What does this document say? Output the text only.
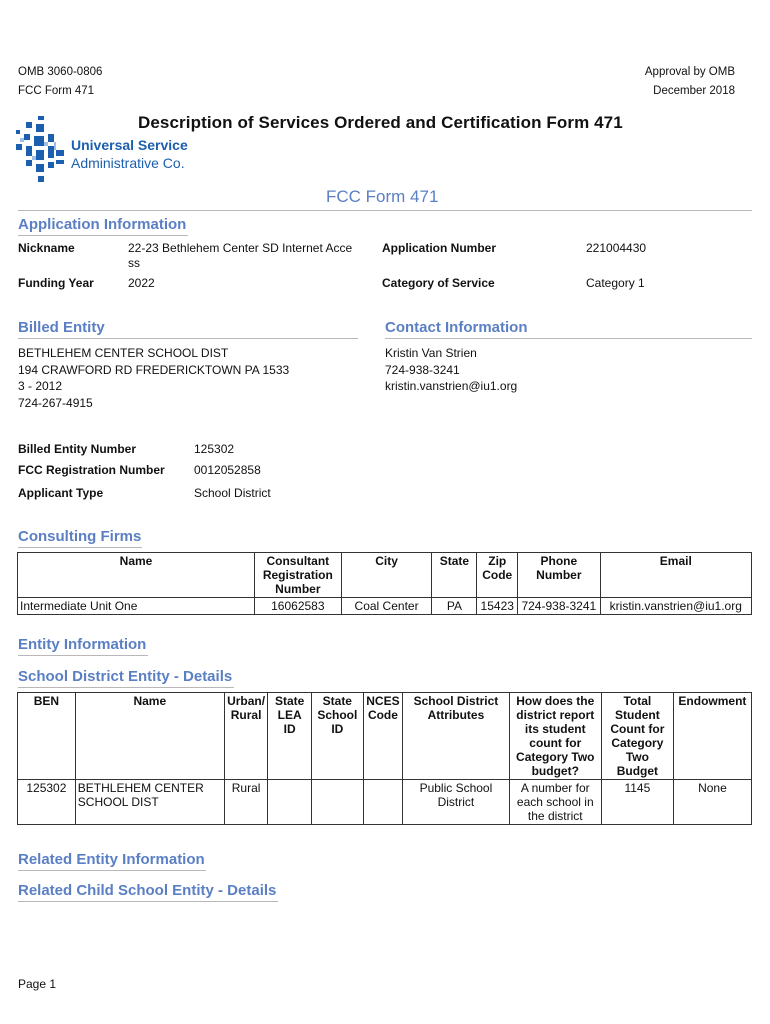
OMB 3060-0806
FCC Form 471
Approval by OMB
December 2018
Universal Service
Administrative Co.
Description of Services Ordered and Certification Form 471
FCC Form 471
Application Information
Nickname	22-23 Bethlehem Center SD Internet Acce
ss
Application Number	221004430
Funding Year	2022	Category of Service	Category 1
Billed Entity
BETHLEHEM CENTER SCHOOL DIST
194 CRAWFORD RD FREDERICKTOWN PA 1533
3 - 2012
724-267-4915
Contact Information
Kristin Van Strien
724-938-3241
kristin.vanstrien@iu1.org
Billed Entity Number	125302
FCC Registration Number 0012052858
Applicant Type	School District
Consulting Firms
Name	Consultant Registration Number	City	State	Zip Code	Phone Number	Email
Intermediate Unit One	16062583	Coal Center	PA	15423	724-938-3241	kristin.vanstrien@iu1.org
Entity Information
School District Entity - Details
BEN	Name	Urban/ Rural	State LEA ID	State School ID	NCES Code	School District Attributes	How does the district report its student count for Category Two budget?	Total Student Count for Category Two Budget	Endowment
125302	BETHLEHEM CENTER SCHOOL DIST	Rural				Public School District	A number for each school in the district	1145	None
Related Entity Information
Related Child School Entity - Details
Page 1
